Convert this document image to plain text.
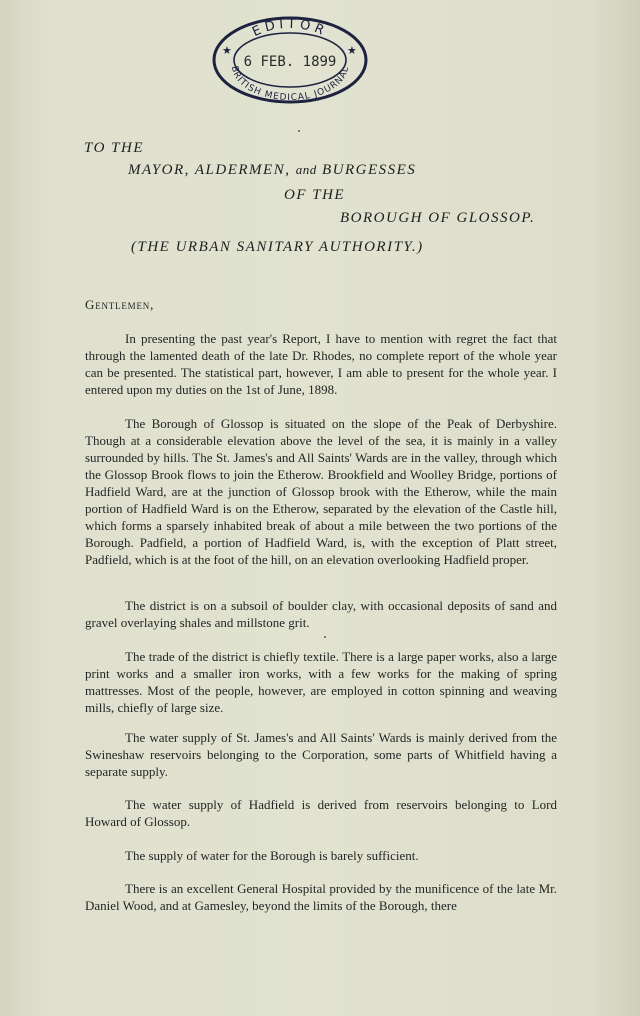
★	★
EDITOR
6 FEB. 1899
BRITISH MEDICAL JOURNAL
TO THE
MAYOR, ALDERMEN, and BURGESSES
OF THE
BOROUGH OF GLOSSOP.
(THE URBAN SANITARY AUTHORITY.)
Gentlemen,

In presenting the past year's Report, I have to mention with regret the fact that through the lamented death of the late Dr. Rhodes, no complete report of the whole year can be presented. The statistical part, however, I am able to present for the whole year. I entered upon my duties on the 1st of June, 1898.

The Borough of Glossop is situated on the slope of the Peak of Derbyshire. Though at a considerable elevation above the level of the sea, it is mainly in a valley surrounded by hills. The St. James's and All Saints' Wards are in the valley, through which the Glossop Brook flows to join the Etherow. Brookfield and Woolley Bridge, portions of Hadfield Ward, are at the junction of Glossop brook with the Etherow, while the main portion of Hadfield Ward is on the Etherow, separated by the elevation of the Castle hill, which forms a sparsely inhabited break of about a mile between the two portions of the Borough. Padfield, a portion of Hadfield Ward, is, with the exception of Platt street, Padfield, which is at the foot of the hill, on an elevation overlooking Hadfield proper.

The district is on a subsoil of boulder clay, with occasional deposits of sand and gravel overlaying shales and millstone grit.

The trade of the district is chiefly textile. There is a large paper works, also a large print works and a smaller iron works, with a few works for the making of spring mattresses. Most of the people, however, are employed in cotton spinning and weaving mills, chiefly of large size.

The water supply of St. James's and All Saints' Wards is mainly derived from the Swineshaw reservoirs belonging to the Corporation, some parts of Whitfield having a separate supply.

The water supply of Hadfield is derived from reservoirs belonging to Lord Howard of Glossop.

The supply of water for the Borough is barely sufficient.

There is an excellent General Hospital provided by the munificence of the late Mr. Daniel Wood, and at Gamesley, beyond the limits of the Borough, there
